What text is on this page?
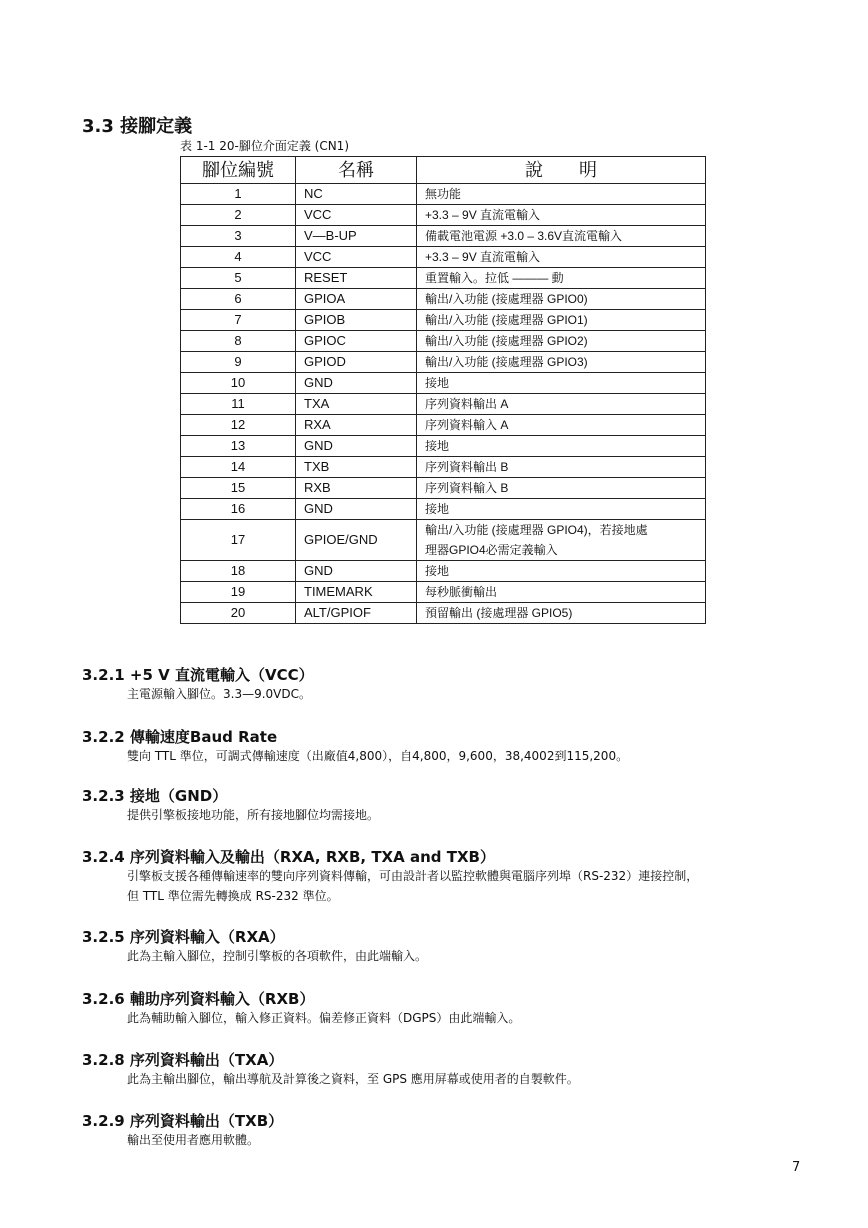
3.3 接腳定義
表 1-1 20-腳位介面定義 (CN1)
腳位編號	名稱	說　　明
1	NC	無功能
2	VCC	+3.3 – 9V 直流電輸入
3	V—B-UP	備載電池電源 +3.0 – 3.6V直流電輸入
4	VCC	+3.3 – 9V 直流電輸入
5	RESET	重置輸入。拉低 ——— 動
6	GPIOA	輸出/入功能 (接處理器 GPIO0)
7	GPIOB	輸出/入功能 (接處理器 GPIO1)
8	GPIOC	輸出/入功能 (接處理器 GPIO2)
9	GPIOD	輸出/入功能 (接處理器 GPIO3)
10	GND	接地
11	TXA	序列資料輸出 A
12	RXA	序列資料輸入 A
13	GND	接地
14	TXB	序列資料輸出 B
15	RXB	序列資料輸入 B
16	GND	接地
17	GPIOE/GND	輸出/入功能 (接處理器 GPIO4)，若接地處
理器GPIO4必需定義輸入

18	GND	接地
19	TIMEMARK	每秒脈衝輸出
20	ALT/GPIOF	預留輸出 (接處理器 GPIO5)
3.2.1 +5 V 直流電輸入（VCC）
主電源輸入腳位。3.3—9.0VDC。
3.2.2 傳輸速度Baud Rate
雙向 TTL 準位，可調式傳輸速度（出廠值4,800），自4,800，9,600，38,4002到115,200。
3.2.3 接地（GND）
提供引擎板接地功能，所有接地腳位均需接地。
3.2.4 序列資料輸入及輸出（RXA, RXB, TXA and TXB）
引擎板支援各種傳輸速率的雙向序列資料傳輸，可由設計者以監控軟體與電腦序列埠（RS-232）連接控制，
但 TTL 準位需先轉換成 RS-232 準位。
3.2.5 序列資料輸入（RXA）
此為主輸入腳位，控制引擎板的各項軟件，由此端輸入。
3.2.6 輔助序列資料輸入（RXB）
此為輔助輸入腳位，輸入修正資料。偏差修正資料（DGPS）由此端輸入。
3.2.8 序列資料輸出（TXA）
此為主輸出腳位，輸出導航及計算後之資料，至 GPS 應用屏幕或使用者的自製軟件。
3.2.9 序列資料輸出（TXB）
輸出至使用者應用軟體。
7
